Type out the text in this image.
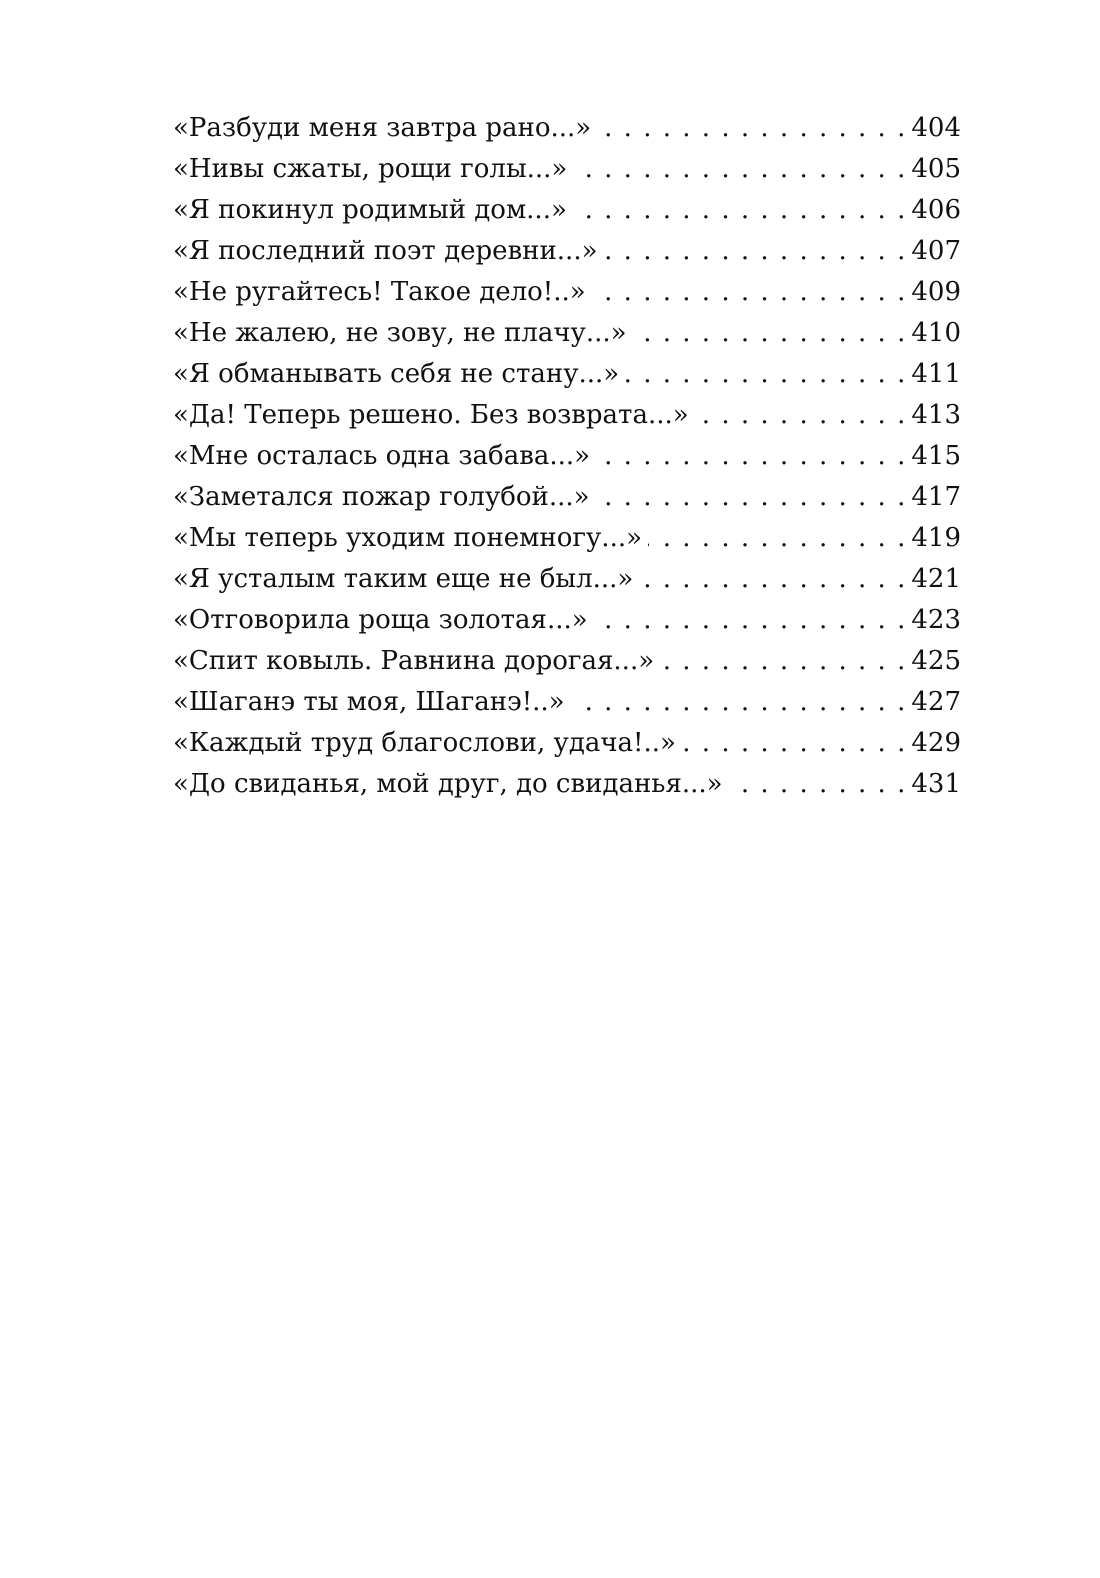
«Разбуди меня завтра рано...» . . .	404
«Нивы сжаты, рощи голы...» . . .	405
«Я покинул родимый дом...» . . .	406
«Я последний поэт деревни...» . . .	407
«Не ругайтесь! Такое дело!..» . . .	409
«Не жалею, не зову, не плачу...» . . .	410
«Я обманывать себя не стану...» . . .	411
«Да! Теперь решено. Без возврата...» . . .	413
«Мне осталась одна забава...» . . .	415
«Заметался пожар голубой...» . . .	417
«Мы теперь уходим понемногу...» . . .	419
«Я усталым таким еще не был...» . . .	421
«Отговорила роща золотая...» . . .	423
«Спит ковыль. Равнина дорогая...» . . .	425
«Шаганэ ты моя, Шаганэ!..» . . .	427
«Каждый труд благослови, удача!..» . . .	429
«До свиданья, мой друг, до свиданья...» . . .	431
